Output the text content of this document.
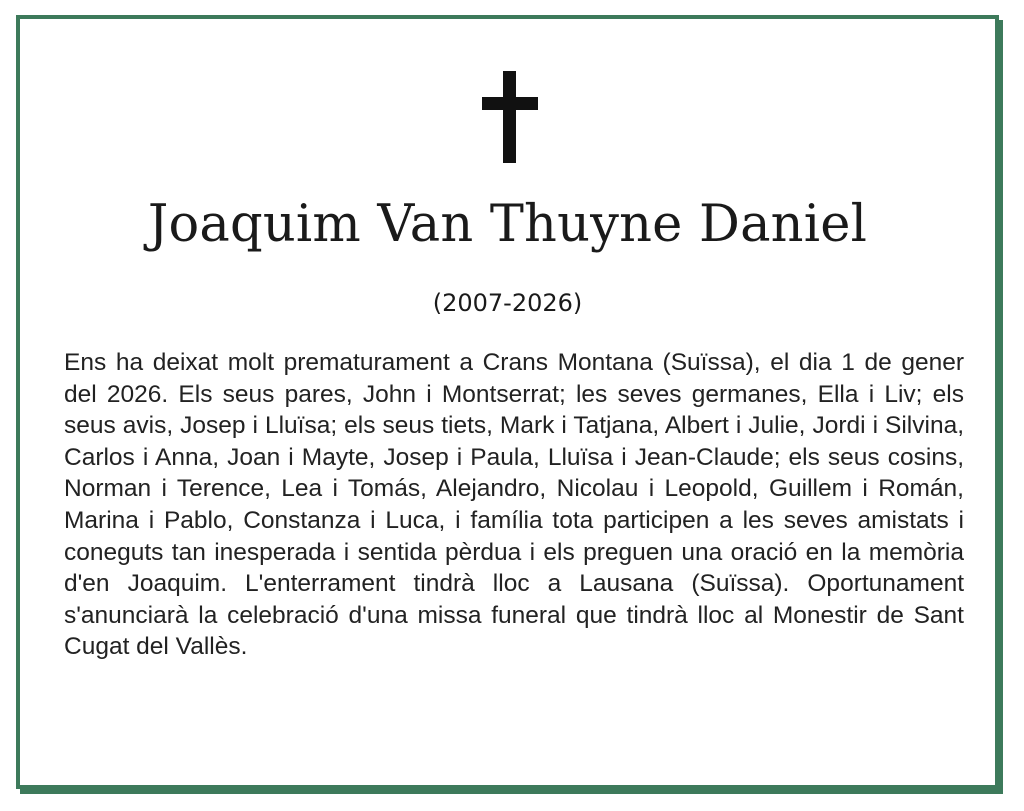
Joaquim Van Thuyne Daniel
(2007-2026)
Ens ha deixat molt prematurament a Crans Montana (Suïssa), el dia 1 de gener del 2026. Els seus pares, John i Montserrat; les seves germanes, Ella i Liv; els seus avis, Josep i Lluïsa; els seus tiets, Mark i Tatjana, Albert i Julie, Jordi i Silvina, Carlos i Anna, Joan i Mayte, Josep i Paula, Lluïsa i Jean-Claude; els seus cosins, Norman i Terence, Lea i Tomás, Alejandro, Nicolau i Leopold, Guillem i Román, Marina i Pablo, Constanza i Luca, i família tota participen a les seves amistats i coneguts tan inesperada i sentida pèrdua i els preguen una oració en la memòria d'en Joaquim. L'enterrament tindrà lloc a Lausana (Suïssa). Oportunament s'anunciarà la celebració d'una missa funeral que tindrà lloc al Monestir de Sant Cugat del Vallès.
